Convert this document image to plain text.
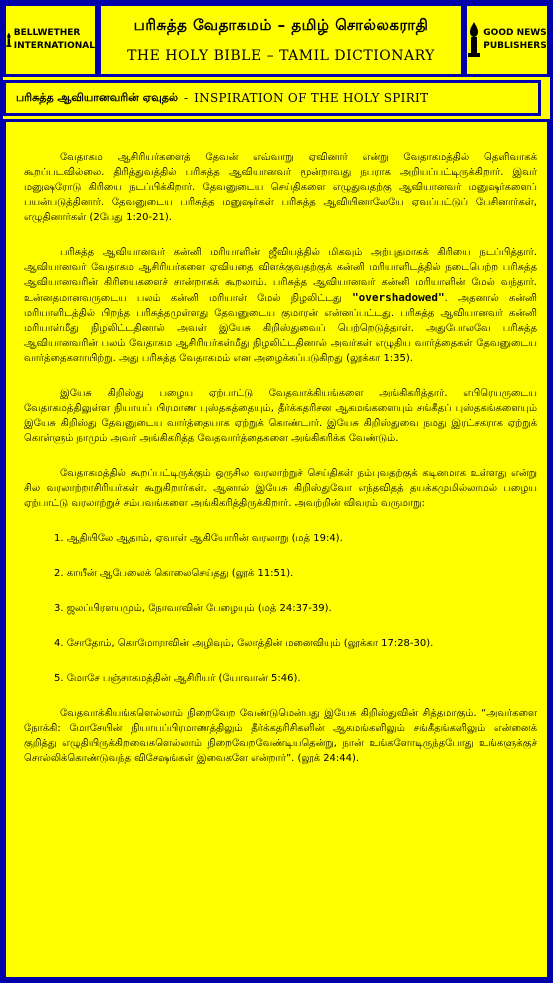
BELLWETHER
INTERNATIONAL
பரிசுத்த வேதாகமம் – தமிழ் சொல்லகராதி
THE HOLY BIBLE – TAMIL DICTIONARY
GOOD NEWS
PUBLISHERS
பரிசுத்த ஆவியானவரின் ஏவுதல் - INSPIRATION OF THE HOLY SPIRIT

வேதாகம ஆசிரியர்களைத் தேவன் எவ்வாறு ஏவினார் என்று வேதாகமத்தில் தெளிவாகக் கூறப்படவில்லை. திரித்துவத்தில் பரிசுத்த ஆவியானவர் மூன்றாவது நபராக அறியப்பட்டிருக்கிறார். இவர் மனுஷரோடு கிரியை நடப்பிக்கிறார். தேவனுடைய செய்திகளை எழுதுவதற்கு ஆவியானவர் மனுஷர்களைப் பயன்படுத்தினார். தேவனுடைய பரிசுத்த மனுஷர்கள் பரிசுத்த ஆவியினாலேயே ஏவப்பட்டுப் பேசினார்கள், எழுதினார்கள் (2பேது 1:20-21).

பரிசுத்த ஆவியானவர் கன்னி மரியாளின் ஜீவியத்தில் மிகவும் அற்புதமாகக் கிரியை நடப்பித்தார். ஆவியானவர் வேதாகம ஆசிரியர்களை ஏவியதை விளக்குவதற்குக் கன்னி மரியாளிடத்தில் நடைபெற்ற பரிசுத்த ஆவியானவரின் கிரியைகளைச் சான்றாகக் கூறலாம். பரிசுத்த ஆவியானவர் கன்னி மரியாளின் மேல் வந்தார். உன்னதமானவருடைய பலம் கன்னி மரியாள் மேல் நிழலிட்டது "overshadowed". அதனால் கன்னி மரியாளிடத்தில் பிறந்த பரிசுத்தமுள்ளது தேவனுடைய குமாரன் என்னப்பட்டது. பரிசுத்த ஆவியானவர் கன்னி மரியாள்மீது நிழலிட்டதினால் அவள் இயேசு கிறிஸ்துவைப் பெற்றெடுத்தாள். அதுபோலவே பரிசுத்த ஆவியானவரின் பலம் வேதாகம ஆசிரியர்கள்மீது நிழலிட்டதினால் அவர்கள் எழுதிய வார்த்தைகள் தேவனுடைய வார்த்தைகளாயிற்று. அது பரிசுத்த வேதாகமம் என அழைக்கப்படுகிறது (லூக்கா 1:35).

இயேசு கிறிஸ்து பழைய ஏற்பாட்டு வேதவாக்கியங்களை அங்கிகரித்தார். எபிரெயருடைய வேதாகமத்திலுள்ள நியாயப் பிரமாண புஸ்தகத்தையும், தீர்க்கதரிசன ஆகமங்களையும் சங்கீதப் புஸ்தகங்களையும் இயேசு கிறிஸ்து தேவனுடைய வார்த்தையாக ஏற்றுக் கொண்டார். இயேசு கிறிஸ்துவை நமது இரட்சகராக ஏற்றுக் கொள்ளும் நாமும் அவர் அங்கிகரித்த வேதவார்த்தைகளை அங்கிகரிக்க வேண்டும்.

வேதாகமத்தில் கூறப்பட்டிருக்கும் ஒருசில வரலாற்றுச் செய்திகள் நம்புவதற்குக் கடினமாக உள்ளது என்று சில வரலாற்றாசிரியர்கள் கூறுகிறார்கள். ஆனால் இயேசு கிறிஸ்துவோ எந்தவிதத் தயக்கமுமில்லாமல் பழைய ஏற்பாட்டு வரலாற்றுச் சம்பவங்களை அங்கிகரித்திருக்கிறார். அவற்றின் விவரம் வருமாறு:

1. ஆதியிலே ஆதாம், ஏவாள் ஆகியோரின் வரலாறு (மத் 19:4).
2. காயீன் ஆபேலைக் கொலைசெய்தது (லூக் 11:51).
3. ஜலப்பிரளயமும், நோவாவின் பேழையும் (மத் 24:37-39).
4. சோதோம், கொமோராவின் அழிவும், லோத்தின் மனைவியும் (லூக்கா 17:28-30).
5. மோசே பஞ்சாகமத்தின் ஆசிரியர் (யோவான் 5:46).

வேதவாக்கியங்களெல்லாம் நிறைவேற வேண்டுமென்பது இயேசு கிறிஸ்துவின் சித்தமாகும். “அவர்களை நோக்கி: மோசேயின் நியாயப்பிரமாணத்திலும் தீர்க்கதரிசிகளின் ஆகமங்களிலும் சங்கீதங்களிலும் என்னைக் குறித்து எழுதியிருக்கிறவைகளெல்லாம் நிறைவேறவேண்டியதென்று, நான் உங்களோடிருந்தபோது உங்களுக்குச் சொல்லிக்கொண்டுவந்த விசேஷங்கள் இவைகளே என்றார்”. (லூக் 24:44).
